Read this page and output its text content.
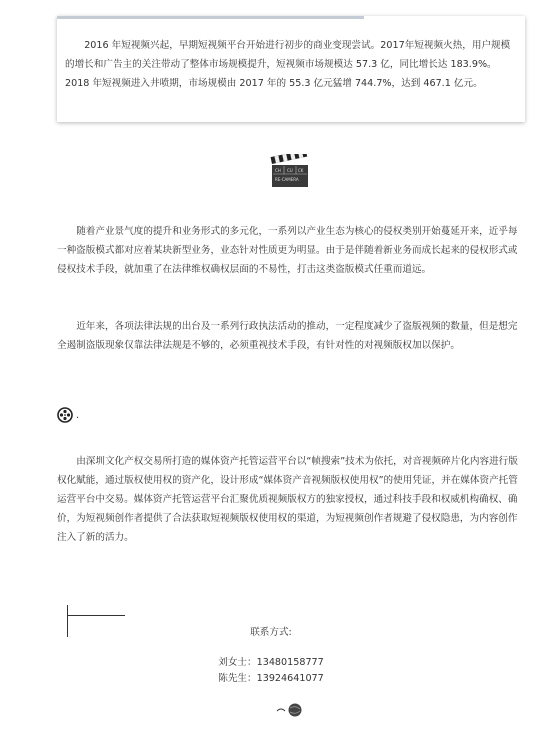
2016 年短视频兴起，早期短视频平台开始进行初步的商业变现尝试。2017年短视频火热，用户规模的增长和广告主的关注带动了整体市场规模提升，短视频市场规模达 57.3 亿，同比增长达 183.9%。2018 年短视频进入井喷期，市场规模由 2017 年的 55.3 亿元猛增 744.7%，达到 467.1 亿元。

CH CU CK
RE-CAMERA

随着产业景气度的提升和业务形式的多元化，一系列以产业生态为核心的侵权类别开始蔓延开来，近乎每一种盗版模式都对应着某块新型业务，业态针对性质更为明显。由于是伴随着新业务而成长起来的侵权形式或侵权技术手段，就加重了在法律维权确权层面的不易性，打击这类盗版模式任重而道远。

近年来，各项法律法规的出台及一系列行政执法活动的推动，一定程度减少了盗版视频的数量，但是想完全遏制盗版现象仅靠法律法规是不够的，必须重视技术手段，有针对性的对视频版权加以保护。

.

由深圳文化产权交易所打造的媒体资产托管运营平台以“帧搜索”技术为依托，对音视频碎片化内容进行版权化赋能，通过版权使用权的资产化，设计形成“媒体资产音视频版权使用权”的使用凭证，并在媒体资产托管运营平台中交易。媒体资产托管运营平台汇聚优质视频版权方的独家授权，通过科技手段和权威机构确权、确价，为短视频创作者提供了合法获取短视频版权使用权的渠道，为短视频创作者规避了侵权隐患，为内容创作注入了新的活力。

联系方式:

刘女士：13480158777

陈先生：13924641077
